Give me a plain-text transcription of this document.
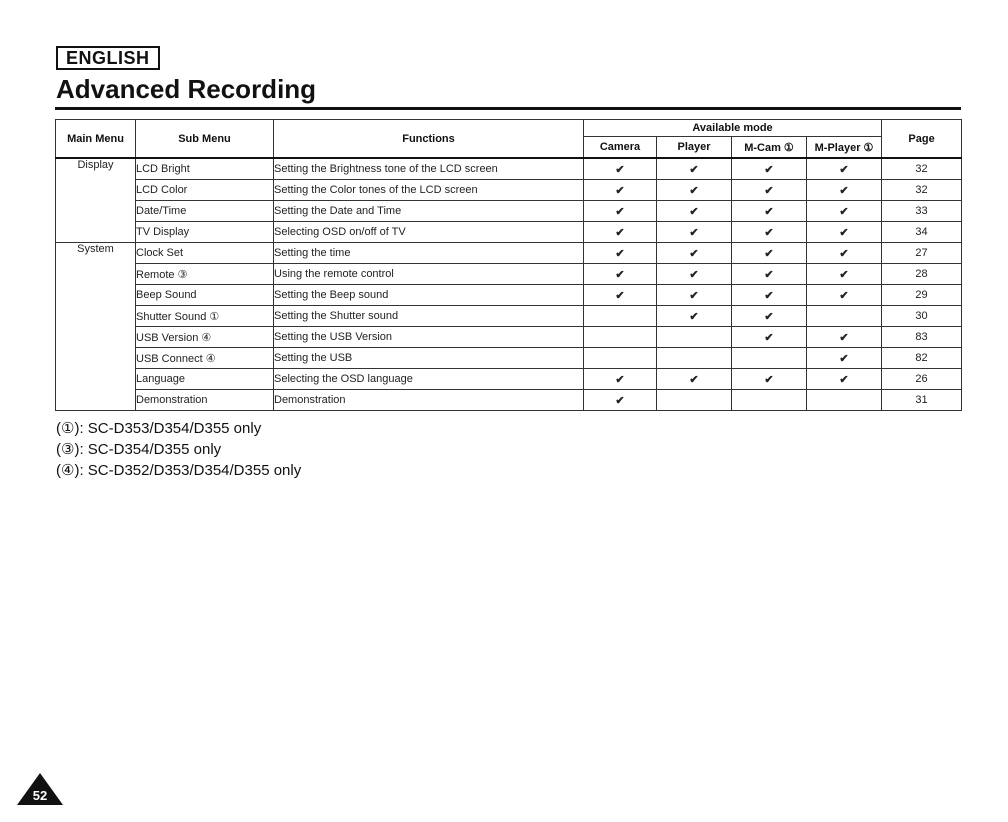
ENGLISH
Advanced Recording
Main Menu	Sub Menu	Functions	Available mode				Page
			Camera	Player	M-Cam ①	M-Player ①	
Display	LCD Bright	Setting the Brightness tone of the LCD screen	✔	✔	✔	✔	32
	LCD Color	Setting the Color tones of the LCD screen	✔	✔	✔	✔	32
	Date/Time	Setting the Date and Time	✔	✔	✔	✔	33
	TV Display	Selecting OSD on/off of TV	✔	✔	✔	✔	34
System	Clock Set	Setting the time	✔	✔	✔	✔	27
	Remote ③	Using the remote control	✔	✔	✔	✔	28
	Beep Sound	Setting the Beep sound	✔	✔	✔	✔	29
	Shutter Sound ①	Setting the Shutter sound		✔	✔		30
	USB Version ④	Setting the USB Version			✔	✔	83
	USB Connect ④	Setting the USB				✔	82
	Language	Selecting the OSD language	✔	✔	✔	✔	26
	Demonstration	Demonstration	✔				31
(①): SC-D353/D354/D355 only
(③): SC-D354/D355 only
(④): SC-D352/D353/D354/D355 only
52
